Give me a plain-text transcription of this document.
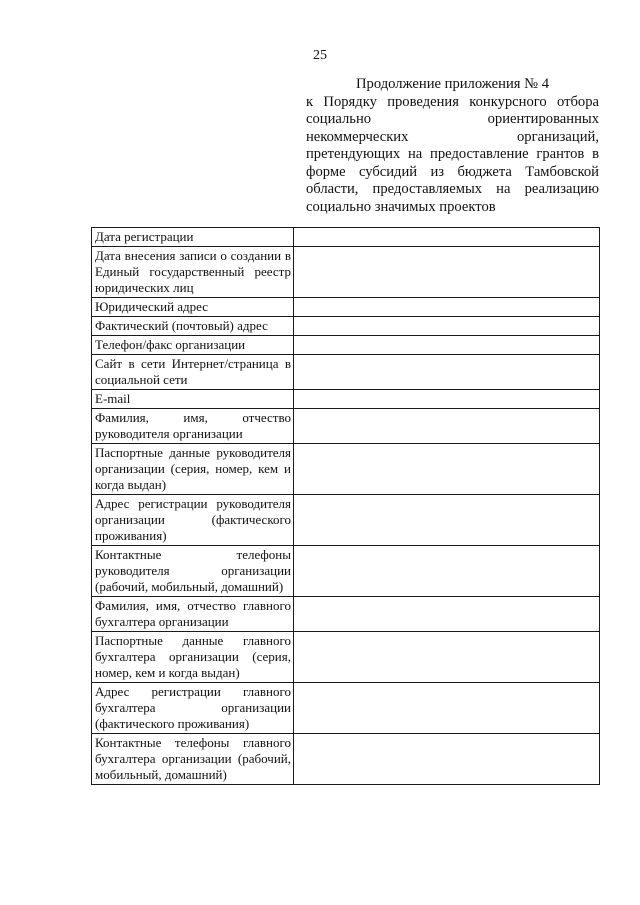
25
Продолжение приложения № 4
к Порядку проведения конкурсного отбора
социально ориентированных
некоммерческих организаций,
претендующих на предоставление грантов в
форме субсидий из бюджета Тамбовской
области, предоставляемых на реализацию
социально значимых проектов
Дата регистрации	
Дата внесения записи о создании в Единый государственный реестр юридических лиц	
Юридический адрес	
Фактический (почтовый) адрес	
Телефон/факс организации	
Сайт в сети Интернет/страница в социальной сети	
E-mail	
Фамилия, имя, отчество руководителя организации	
Паспортные данные руководителя организации (серия, номер, кем и когда выдан)	
Адрес регистрации руководителя организации (фактического проживания)	
Контактные телефоны руководителя организации (рабочий, мобильный, домашний)	
Фамилия, имя, отчество главного бухгалтера организации	
Паспортные данные главного бухгалтера организации (серия, номер, кем и когда выдан)	
Адрес регистрации главного бухгалтера организации (фактического проживания)	
Контактные телефоны главного бухгалтера организации (рабочий, мобильный, домашний)	
